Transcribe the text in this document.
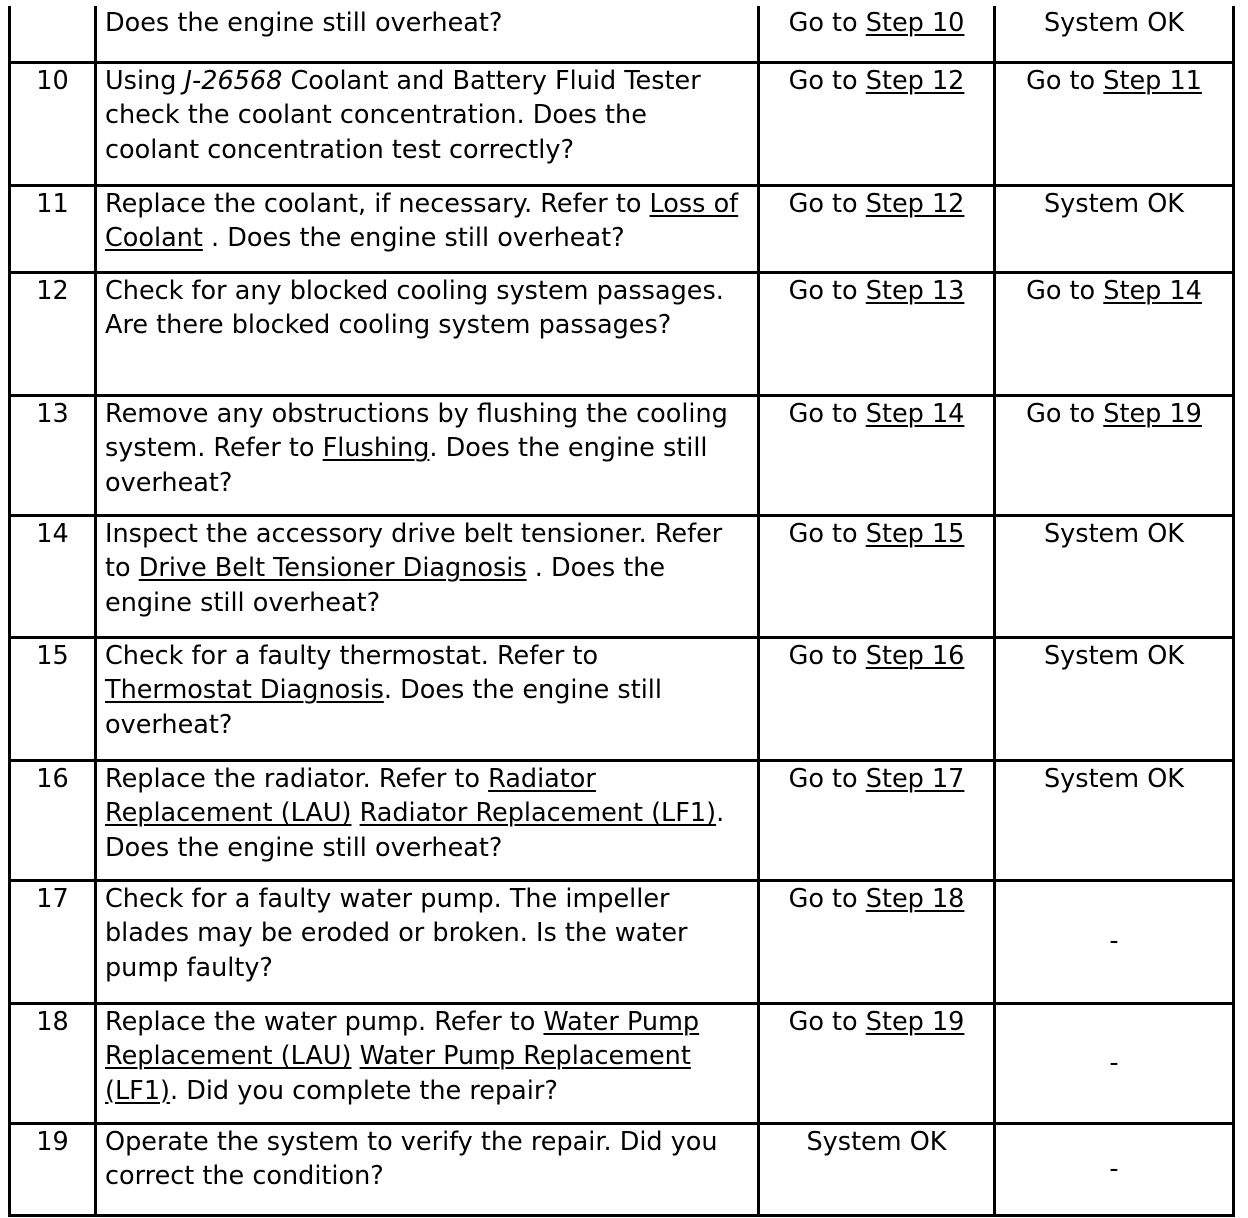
	Does the engine still overheat?	Go to Step 10	System OK
10	Using J-26568 Coolant and Battery Fluid Tester check the coolant concentration. Does the coolant concentration test correctly?	Go to Step 12	Go to Step 11
11	Replace the coolant, if necessary. Refer to Loss of Coolant . Does the engine still overheat?	Go to Step 12	System OK
12	Check for any blocked cooling system passages. Are there blocked cooling system passages?	Go to Step 13	Go to Step 14
13	Remove any obstructions by flushing the cooling system. Refer to Flushing. Does the engine still overheat?	Go to Step 14	Go to Step 19
14	Inspect the accessory drive belt tensioner. Refer to Drive Belt Tensioner Diagnosis . Does the engine still overheat?	Go to Step 15	System OK
15	Check for a faulty thermostat. Refer to Thermostat Diagnosis. Does the engine still overheat?	Go to Step 16	System OK
16	Replace the radiator. Refer to Radiator Replacement (LAU) Radiator Replacement (LF1). Does the engine still overheat?	Go to Step 17	System OK
17	Check for a faulty water pump. The impeller blades may be eroded or broken. Is the water pump faulty?	Go to Step 18	-
18	Replace the water pump. Refer to Water Pump Replacement (LAU) Water Pump Replacement (LF1). Did you complete the repair?	Go to Step 19	-
19	Operate the system to verify the repair. Did you correct the condition?	System OK	-
